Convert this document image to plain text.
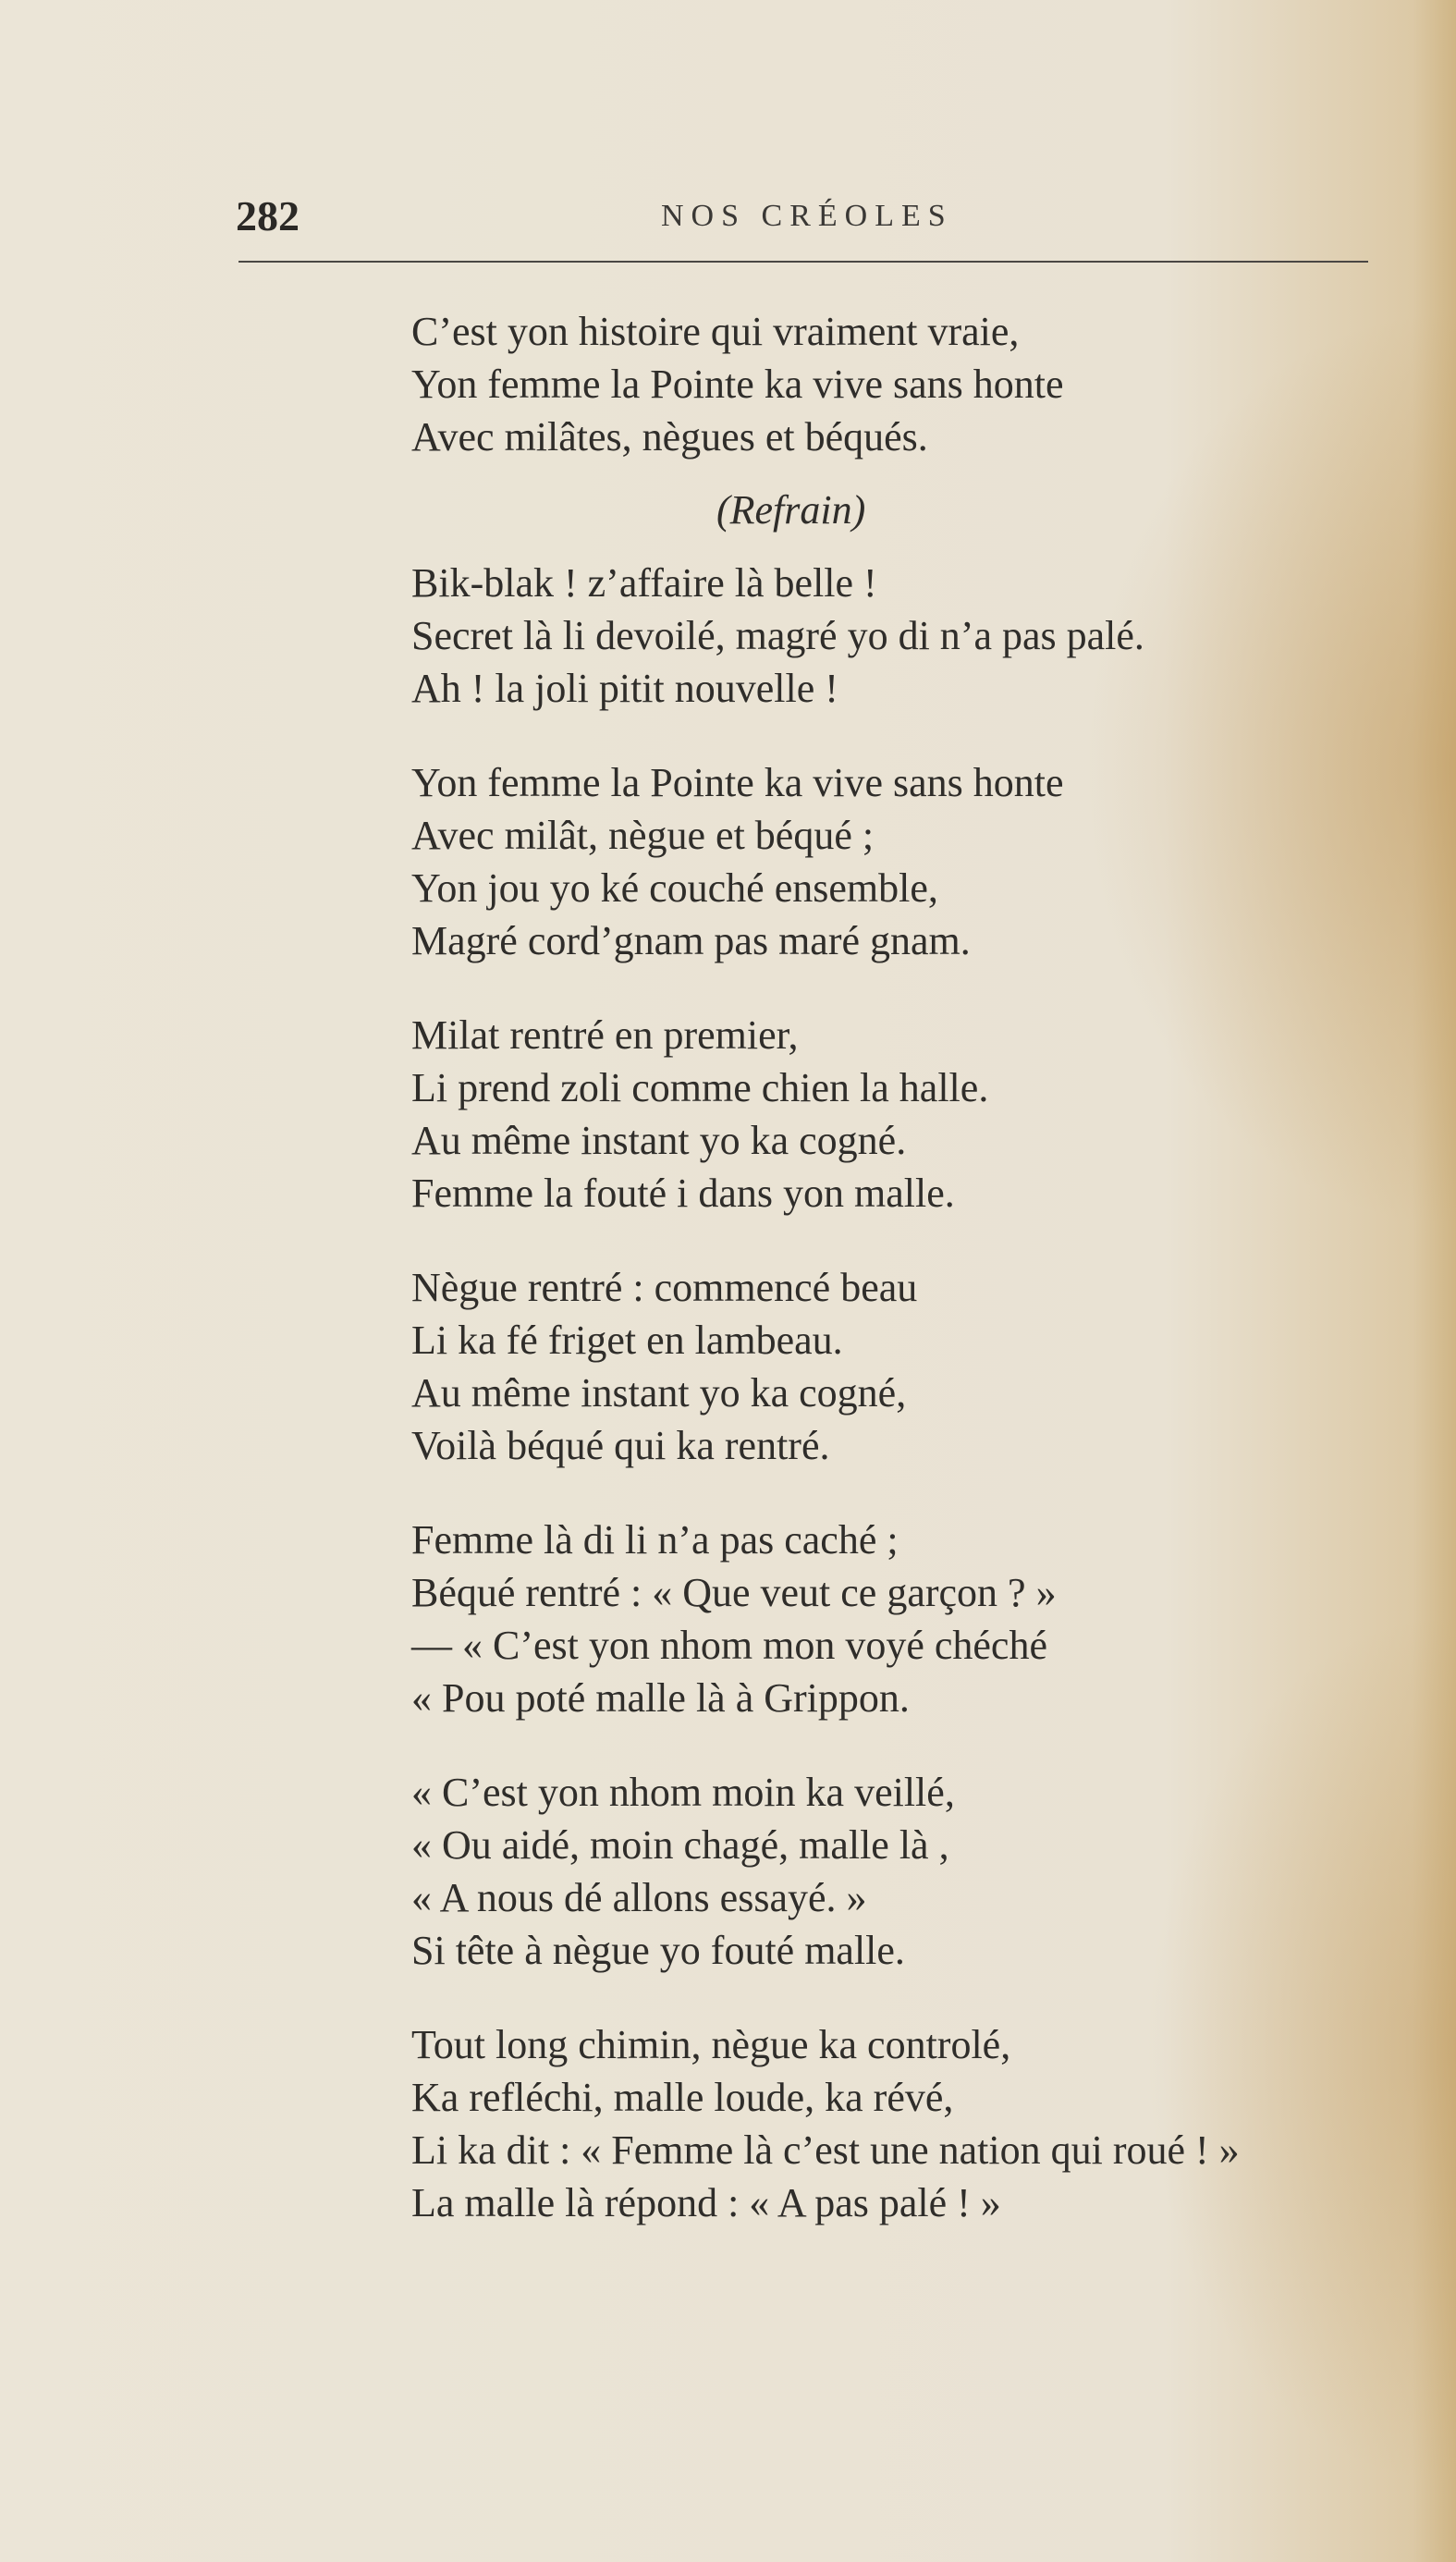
282	NOS CRÉOLES
C’est yon histoire qui vraiment vraie,
Yon femme la Pointe ka vive sans honte
Avec milâtes, nègues et béqués.
(Refrain)
Bik-blak ! z’affaire là belle !
Secret là li devoilé, magré yo di n’a pas palé.
Ah ! la joli pitit nouvelle !
Yon femme la Pointe ka vive sans honte
Avec milât, nègue et béqué ;
Yon jou yo ké couché ensemble,
Magré cord’gnam pas maré gnam.
Milat rentré en premier,
Li prend zoli comme chien la halle.
Au même instant yo ka cogné.
Femme la fouté i dans yon malle.
Nègue rentré : commencé beau
Li ka fé friget en lambeau.
Au même instant yo ka cogné,
Voilà béqué qui ka rentré.
Femme là di li n’a pas caché ;
Béqué rentré : « Que veut ce garçon ? »
— « C’est yon nhom mon voyé chéché
« Pou poté malle là à Grippon.
« C’est yon nhom moin ka veillé,
« Ou aidé, moin chagé, malle là ,
« A nous dé allons essayé. »
Si tête à nègue yo fouté malle.
Tout long chimin, nègue ka controlé,
Ka refléchi, malle loude, ka révé,
Li ka dit : « Femme là c’est une nation qui roué ! »
La malle là répond : « A pas palé ! »
